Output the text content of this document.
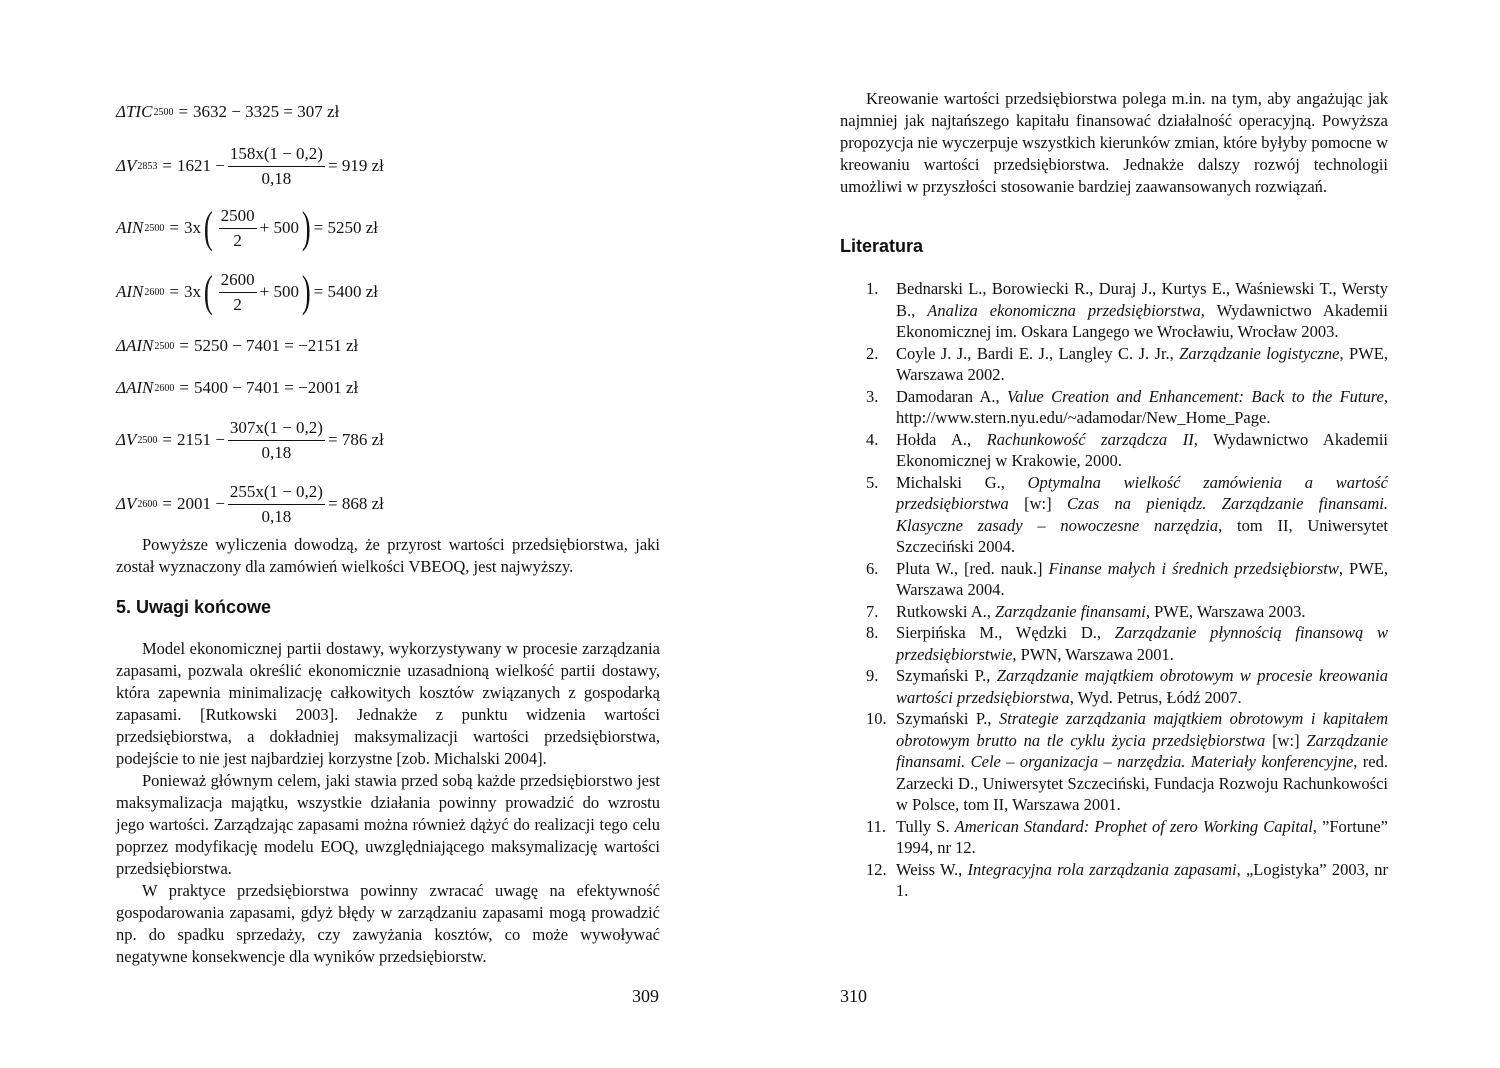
ΔTIC 2500 = 3632 − 3325 = 307 zł
ΔV $2853 = 1621 - \frac{158x(1 - 0,2)}{0,18} = 919$ zł
AIN 2500 = 3x ( $\frac{2500}{2} + 500$ ) = 5250 zł
AIN 2600 = 3x ( $\frac{2600}{2} + 500$ ) = 5400 zł
ΔAIN 2500 = 5250 − 7401 = −2151 zł
ΔAIN 2600 = 5400 − 7401 = −2001 zł
ΔV $2500 = 2151 - \frac{307x(1 - 0,2)}{0,18} = 786$ zł
ΔV $2600 = 2001 - \frac{255x(1 - 0,2)}{0,18} = 868$ zł

Powyższe wyliczenia dowodzą, że przyrost wartości przedsiębiorstwa, jaki został wyznaczony dla zamówień wielkości VBEOQ, jest najwyższy.

5. Uwagi końcowe

Model ekonomicznej partii dostawy, wykorzystywany w procesie zarządzania zapasami, pozwala określić ekonomicznie uzasadnioną wielkość partii dostawy, która zapewnia minimalizację całkowitych kosztów związanych z gospodarką zapasami. [Rutkowski 2003]. Jednakże z punktu widzenia wartości przedsiębiorstwa, a dokładniej maksymalizacji wartości przedsiębiorstwa, podejście to nie jest najbardziej korzystne [zob. Michalski 2004].

Ponieważ głównym celem, jaki stawia przed sobą każde przedsiębiorstwo jest maksymalizacja majątku, wszystkie działania powinny prowadzić do wzrostu jego wartości. Zarządzając zapasami można również dążyć do realizacji tego celu poprzez modyfikację modelu EOQ, uwzględniającego maksymalizację wartości przedsiębiorstwa.

W praktyce przedsiębiorstwa powinny zwracać uwagę na efektywność gospodarowania zapasami, gdyż błędy w zarządzaniu zapasami mogą prowadzić np. do spadku sprzedaży, czy zawyżania kosztów, co może wywoływać negatywne konsekwencje dla wyników przedsiębiorstw.

309

Kreowanie wartości przedsiębiorstwa polega m.in. na tym, aby angażując jak najmniej jak najtańszego kapitału finansować działalność operacyjną. Powyższa propozycja nie wyczerpuje wszystkich kierunków zmian, które byłyby pomocne w kreowaniu wartości przedsiębiorstwa. Jednakże dalszy rozwój technologii umożliwi w przyszłości stosowanie bardziej zaawansowanych rozwiązań.

Literatura
310
1.	Bednarski L., Borowiecki R., Duraj J., Kurtys E., Waśniewski T., Wersty B., Analiza ekonomiczna przedsiębiorstwa, Wydawnictwo Akademii Ekonomicznej im. Oskara Langego we Wrocławiu, Wrocław 2003.
2.	Coyle J. J., Bardi E. J., Langley C. J. Jr., Zarządzanie logistyczne, PWE, Warszawa 2002.
3.	Damodaran A., Value Creation and Enhancement: Back to the Future, http://www.stern.nyu.edu/~adamodar/New_Home_Page.
4.	Hołda A., Rachunkowość zarządcza II, Wydawnictwo Akademii Ekonomicznej w Krakowie, 2000.
5.	Michalski G., Optymalna wielkość zamówienia a wartość przedsiębiorstwa [w:] Czas na pieniądz. Zarządzanie finansami. Klasyczne zasady – nowoczesne narzędzia, tom II, Uniwersytet Szczeciński 2004.
6.	Pluta W., [red. nauk.] Finanse małych i średnich przedsiębiorstw, PWE, Warszawa 2004.
7.	Rutkowski A., Zarządzanie finansami, PWE, Warszawa 2003.
8.	Sierpińska M., Wędzki D., Zarządzanie płynnością finansową w przedsiębiorstwie, PWN, Warszawa 2001.
9.	Szymański P., Zarządzanie majątkiem obrotowym w procesie kreowania wartości przedsiębiorstwa, Wyd. Petrus, Łódź 2007.
10. Szymański P., Strategie zarządzania majątkiem obrotowym i kapitałem obrotowym brutto na tle cyklu życia przedsiębiorstwa [w:] Zarządzanie finansami. Cele – organizacja – narzędzia. Materiały konferencyjne, red. Zarzecki D., Uniwersytet Szczeciński, Fundacja Rozwoju Rachunkowości w Polsce, tom II, Warszawa 2001.
11. Tully S. American Standard: Prophet of zero Working Capital, ”Fortune” 1994, nr 12.
12. Weiss W., Integracyjna rola zarządzania zapasami, „Logistyka” 2003, nr 1.
